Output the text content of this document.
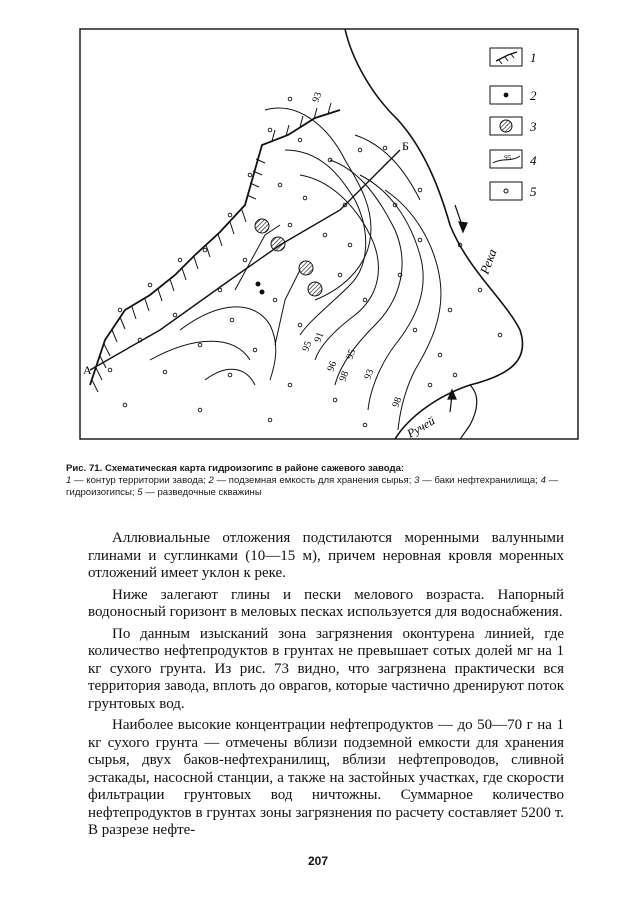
93
95
91
96
98
95
93
98
А
Б
Река
Ручей
1
2
3
95 4
5
Рис. 71. Схематическая карта гидроизогипс в районе сажевого завода:
1 — контур территории завода; 2 — подземная емкость для хранения сырья; 3 — баки нефтехранилища; 4 — гидроизогипсы; 5 — разведочные скважины

Аллювиальные отложения подстилаются моренными валунными глинами и суглинками (10—15 м), причем неровная кровля моренных отложений имеет уклон к реке.

Ниже залегают глины и пески мелового возраста. Напорный водоносный горизонт в меловых песках используется для водоснабжения.

По данным изысканий зона загрязнения оконтурена линией, где количество нефтепродуктов в грунтах не превышает сотых долей мг на 1 кг сухого грунта. Из рис. 73 видно, что загрязнена практически вся территория завода, вплоть до оврагов, которые частично дренируют поток грунтовых вод.

Наиболее высокие концентрации нефтепродуктов — до 50—70 г на 1 кг сухого грунта — отмечены вблизи подземной емкости для хранения сырья, двух баков-нефтехранилищ, вблизи нефтепроводов, сливной эстакады, насосной станции, а также на застойных участках, где скорости фильтрации грунтовых вод ничтожны. Суммарное количество нефтепродуктов в грунтах зоны загрязнения по расчету составляет 5200 т. В разрезе нефте-

207
